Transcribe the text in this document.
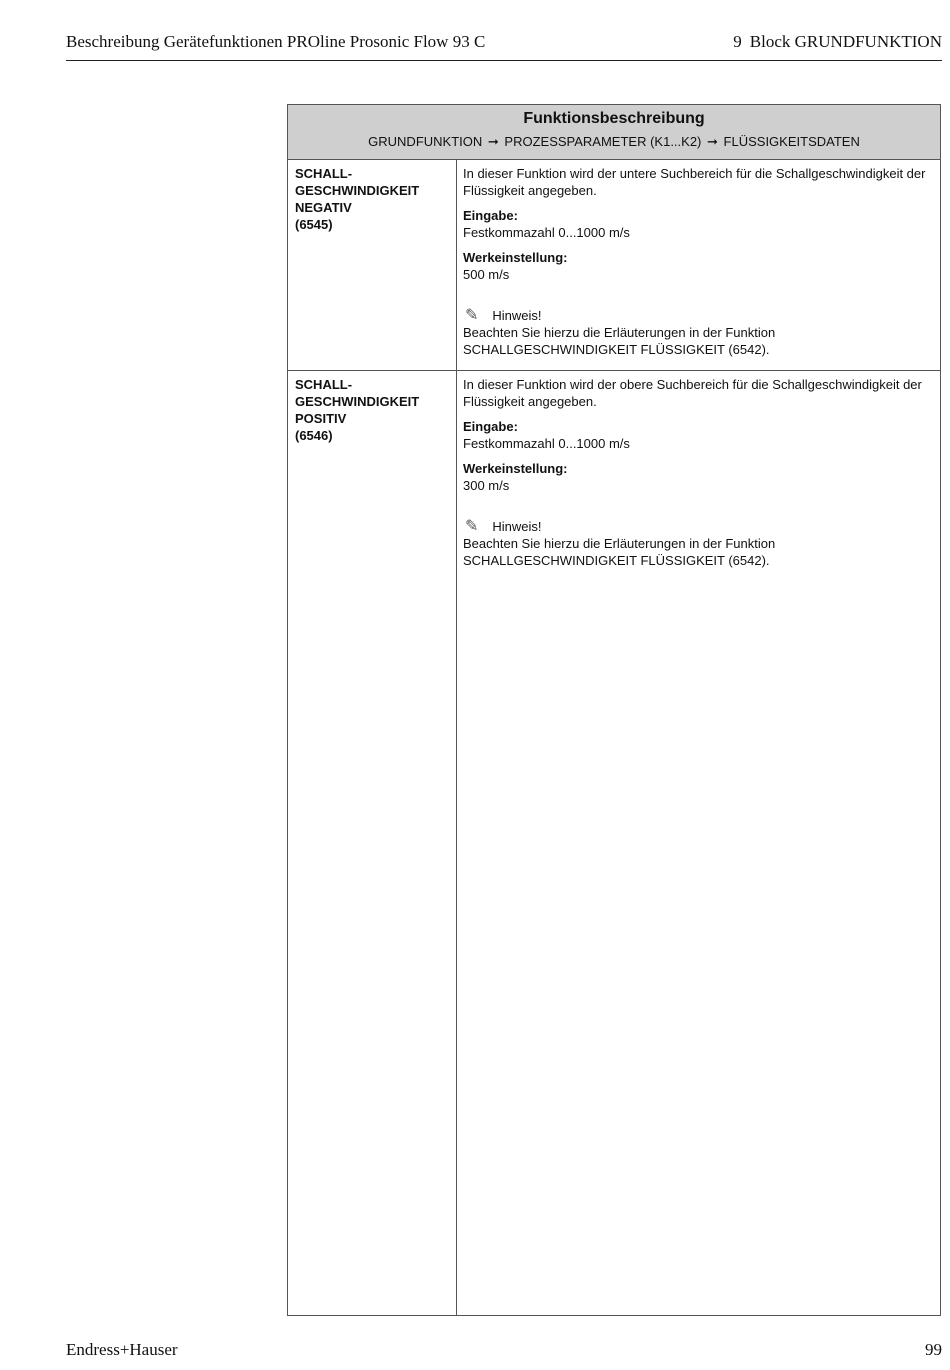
Beschreibung Gerätefunktionen PROline Prosonic Flow 93 C	9 Block GRUNDFUNKTION
Funktionsbeschreibung
GRUNDFUNKTION ➞ PROZESSPARAMETER (K1...K2) ➞ FLÜSSIGKEITSDATEN
SCHALL-
GESCHWINDIGKEIT
NEGATIV
(6545)

In dieser Funktion wird der untere Suchbereich für die Schallgeschwindigkeit der Flüssigkeit angegeben.

Eingabe:

Festkommazahl 0...1000 m/s

Werkeinstellung:

500 m/s

✎ Hinweis!

Beachten Sie hierzu die Erläuterungen in der Funktion SCHALLGESCHWINDIGKEIT FLÜSSIGKEIT (6542).

SCHALL-
GESCHWINDIGKEIT
POSITIV
(6546)

In dieser Funktion wird der obere Suchbereich für die Schallgeschwindigkeit der Flüssigkeit angegeben.

Eingabe:

Festkommazahl 0...1000 m/s

Werkeinstellung:

300 m/s

✎ Hinweis!

Beachten Sie hierzu die Erläuterungen in der Funktion SCHALLGESCHWINDIGKEIT FLÜSSIGKEIT (6542).

Endress+Hauser	99
